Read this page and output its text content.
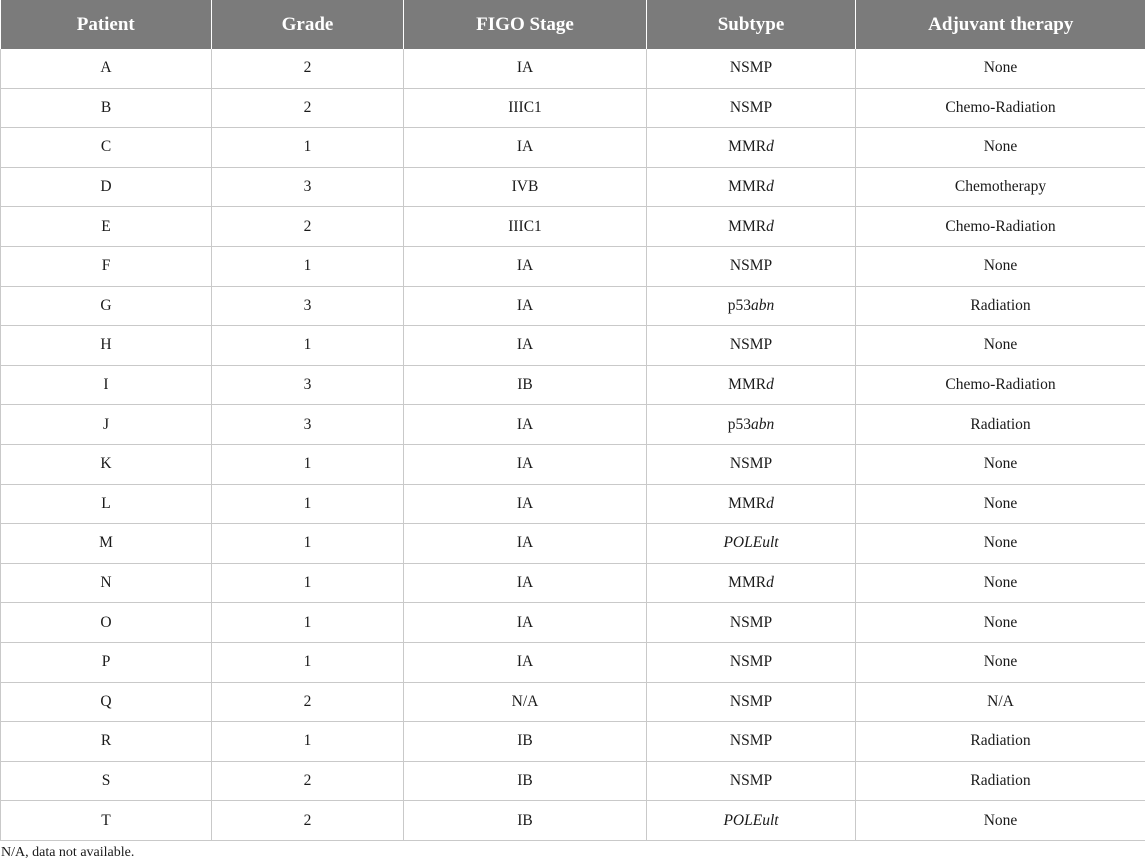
Patient	Grade	FIGO Stage	Subtype	Adjuvant therapy
A	2	IA	NSMP	None
B	2	IIIC1	NSMP	Chemo-Radiation
C	1	IA	MMRd	None
D	3	IVB	MMRd	Chemotherapy
E	2	IIIC1	MMRd	Chemo-Radiation
F	1	IA	NSMP	None
G	3	IA	p53abn	Radiation
H	1	IA	NSMP	None
I	3	IB	MMRd	Chemo-Radiation
J	3	IA	p53abn	Radiation
K	1	IA	NSMP	None
L	1	IA	MMRd	None
M	1	IA	POLEult	None
N	1	IA	MMRd	None
O	1	IA	NSMP	None
P	1	IA	NSMP	None
Q	2	N/A	NSMP	N/A
R	1	IB	NSMP	Radiation
S	2	IB	NSMP	Radiation
T	2	IB	POLEult	None
N/A, data not available.
